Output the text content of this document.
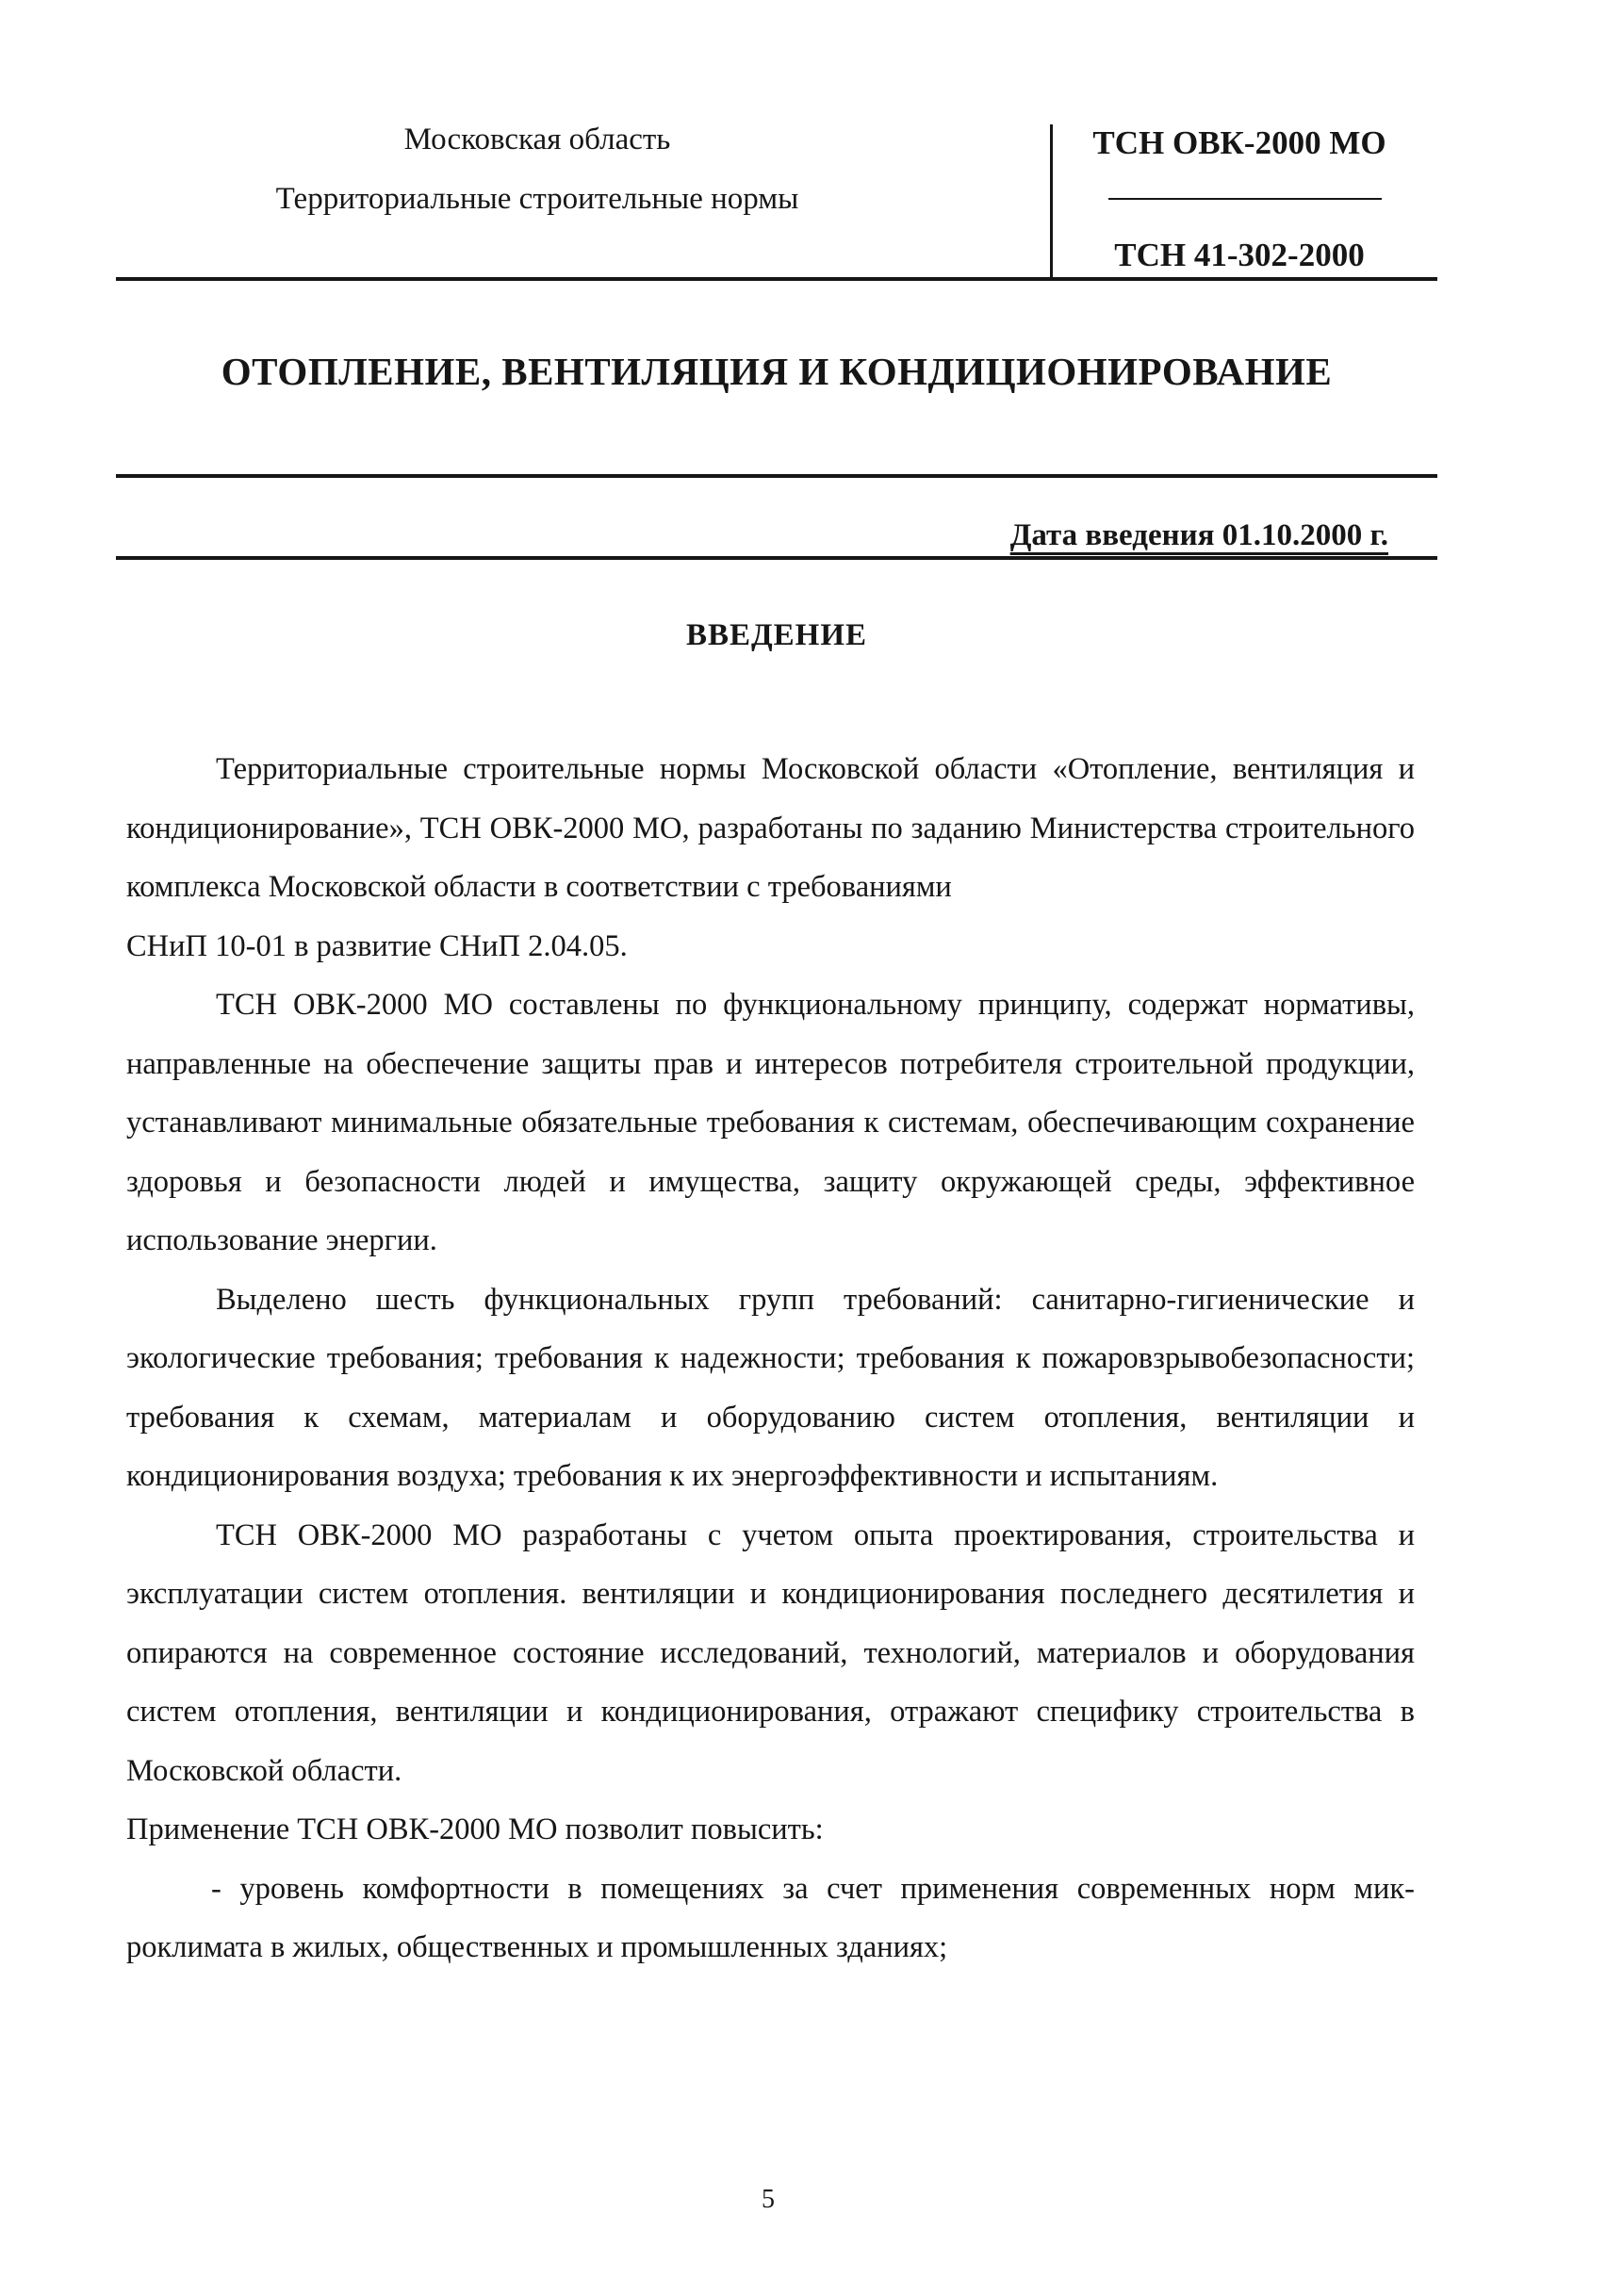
Московская область
Территориальные строительные нормы
ТСН ОВК-2000 МО
ТСН 41-302-2000
ОТОПЛЕНИЕ, ВЕНТИЛЯЦИЯ И КОНДИЦИОНИРОВАНИЕ
Дата введения 01.10.2000 г.
ВВЕДЕНИЕ

Территориальные строительные нормы Московской области «Отопление, вентиляция и кондиционирование», ТСН ОВК-2000 МО, разработаны по заданию Министерства строительного комплекса Московской области в соответствии с требованиями

СНиП 10-01 в развитие СНиП 2.04.05.

ТСН ОВК-2000 МО составлены по функциональному принципу, содержат нормативы, направленные на обеспечение защиты прав и интересов потребителя строительной продукции, устанавливают минимальные обязательные требования к системам, обеспечивающим сохранение здоровья и безопасности людей и имущества, защиту окружающей среды, эффективное использование энергии.

Выделено шесть функциональных групп требований: санитарно-гигиенические и экологические требования; требования к надежности; требования к пожаровзрывобезопасности; требования к схемам, материалам и оборудованию систем отопления, вентиляции и кондиционирования воздуха; требования к их энергоэффективности и испытаниям.

ТСН ОВК-2000 МО разработаны с учетом опыта проектирования, строительства и эксплуатации систем отопления. вентиляции и кондиционирования последнего десятилетия и опираются на современное состояние исследований, технологий, материалов и оборудования систем отопления, вентиляции и кондиционирования, отражают специфику строительства в Московской области.

Применение ТСН ОВК-2000 МО позволит повысить:

- уровень комфортности в помещениях за счет применения современных норм микроклимата в жилых, общественных и промышленных зданиях;

5
